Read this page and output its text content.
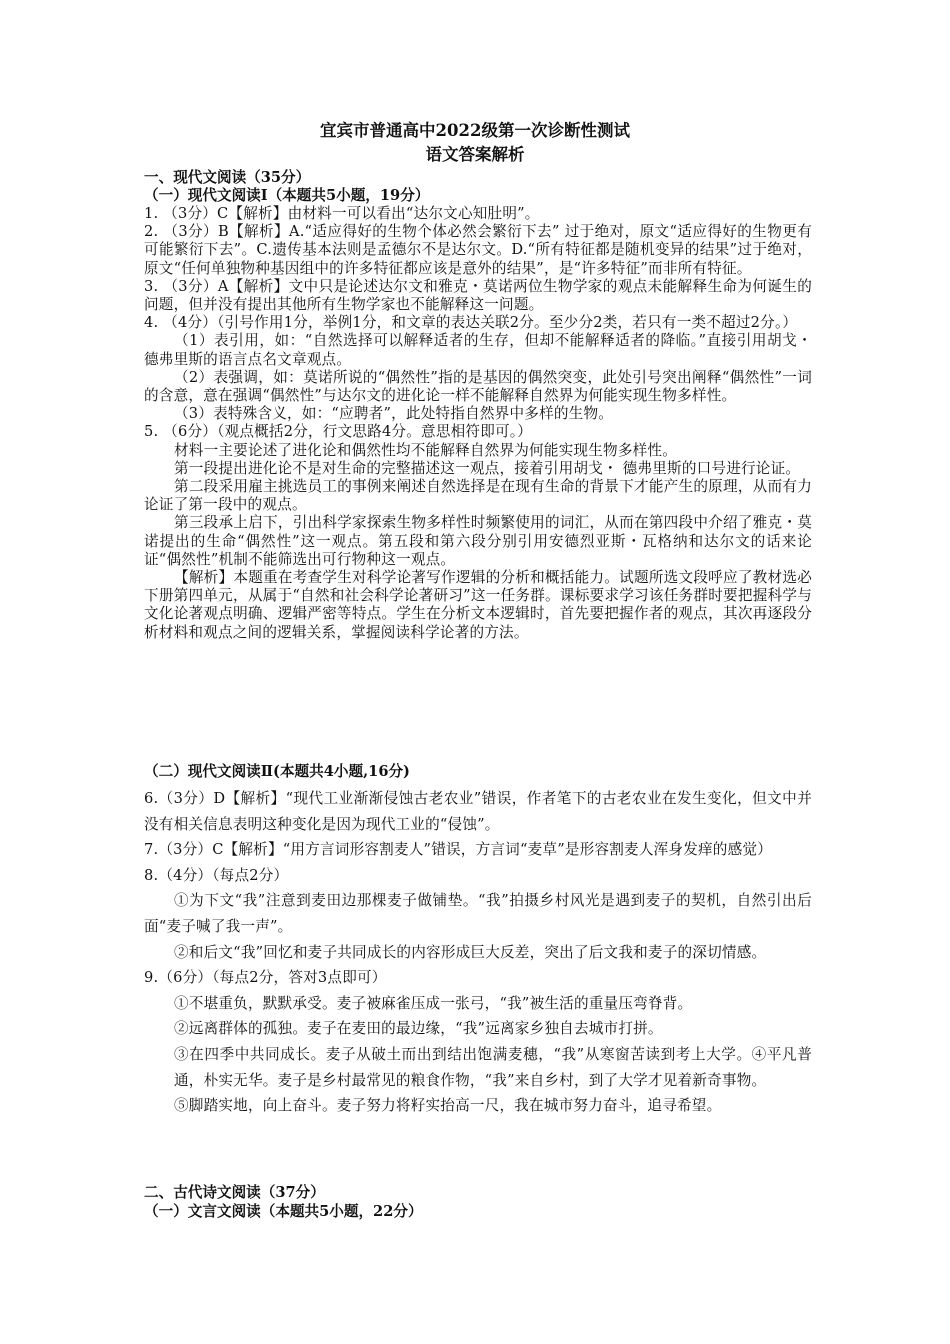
宜宾市普通高中2022级第一次诊断性测试
语文答案解析
一、现代文阅读（35分）
（一）现代文阅读Ⅰ（本题共5小题，19分）

1. （3分）C【解析】由材料一可以看出“达尔文心知肚明”。

2. （3分）B【解析】A.“适应得好的生物个体必然会繁衍下去” 过于绝对，原文“适应得好的生物更有可能繁衍下去”。C.遗传基本法则是孟德尔不是达尔文。D.“所有特征都是随机变异的结果”过于绝对，原文“任何单独物种基因组中的许多特征都应该是意外的结果”，是“许多特征”而非所有特征。

3. （3分）A【解析】文中只是论述达尔文和雅克・莫诺两位生物学家的观点未能解释生命为何诞生的问题，但并没有提出其他所有生物学家也不能解释这一问题。

4. （4分）（引号作用1分，举例1分，和文章的表达关联2分。至少分2类，若只有一类不超过2分。）

（1）表引用，如：“自然选择可以解释适者的生存，但却不能解释适者的降临。”直接引用胡戈・德弗里斯的语言点名文章观点。

（2）表强调，如：莫诺所说的“偶然性”指的是基因的偶然突变，此处引号突出阐释“偶然性”一词的含意，意在强调“偶然性”与达尔文的进化论一样不能解释自然界为何能实现生物多样性。

（3）表特殊含义，如：“应聘者”，此处特指自然界中多样的生物。

5. （6分）（观点概括2分，行文思路4分。意思相符即可。）

材料一主要论述了进化论和偶然性均不能解释自然界为何能实现生物多样性。

第一段提出进化论不是对生命的完整描述这一观点，接着引用胡戈・ 德弗里斯的口号进行论证。

第二段采用雇主挑选员工的事例来阐述自然选择是在现有生命的背景下才能产生的原理，从而有力论证了第一段中的观点。

第三段承上启下，引出科学家探索生物多样性时频繁使用的词汇，从而在第四段中介绍了雅克・莫诺提出的生命“偶然性”这一观点。第五段和第六段分别引用安德烈亚斯・瓦格纳和达尔文的话来论证“偶然性”机制不能筛选出可行物种这一观点。

【解析】本题重在考查学生对科学论著写作逻辑的分析和概括能力。试题所选文段呼应了教材选必下册第四单元，从属于“自然和社会科学论著研习”这一任务群。课标要求学习该任务群时要把握科学与文化论著观点明确、逻辑严密等特点。学生在分析文本逻辑时，首先要把握作者的观点，其次再逐段分析材料和观点之间的逻辑关系，掌握阅读科学论著的方法。

（二）现代文阅读Ⅱ(本题共4小题,16分)

6.（3分）D【解析】“现代工业渐渐侵蚀古老农业”错误，作者笔下的古老农业在发生变化，但文中并没有相关信息表明这种变化是因为现代工业的“侵蚀”。

7.（3分）C【解析】“用方言词形容割麦人”错误，方言词“麦草”是形容割麦人浑身发痒的感觉）

8.（4分）（每点2分）

①为下文“我”注意到麦田边那棵麦子做铺垫。“我”拍摄乡村风光是遇到麦子的契机，自然引出后面“麦子喊了我一声”。

②和后文“我”回忆和麦子共同成长的内容形成巨大反差，突出了后文我和麦子的深切情感。

9.（6分）（每点2分，答对3点即可）

①不堪重负，默默承受。麦子被麻雀压成一张弓，“我”被生活的重量压弯脊背。

②远离群体的孤独。麦子在麦田的最边缘，“我”远离家乡独自去城市打拼。

③在四季中共同成长。麦子从破土而出到结出饱满麦穗，“我”从寒窗苦读到考上大学。④平凡普通，朴实无华。麦子是乡村最常见的粮食作物，“我”来自乡村，到了大学才见着新奇事物。

⑤脚踏实地，向上奋斗。麦子努力将籽实抬高一尺，我在城市努力奋斗，追寻希望。

二、古代诗文阅读（37分）
（一）文言文阅读（本题共5小题，22分）
